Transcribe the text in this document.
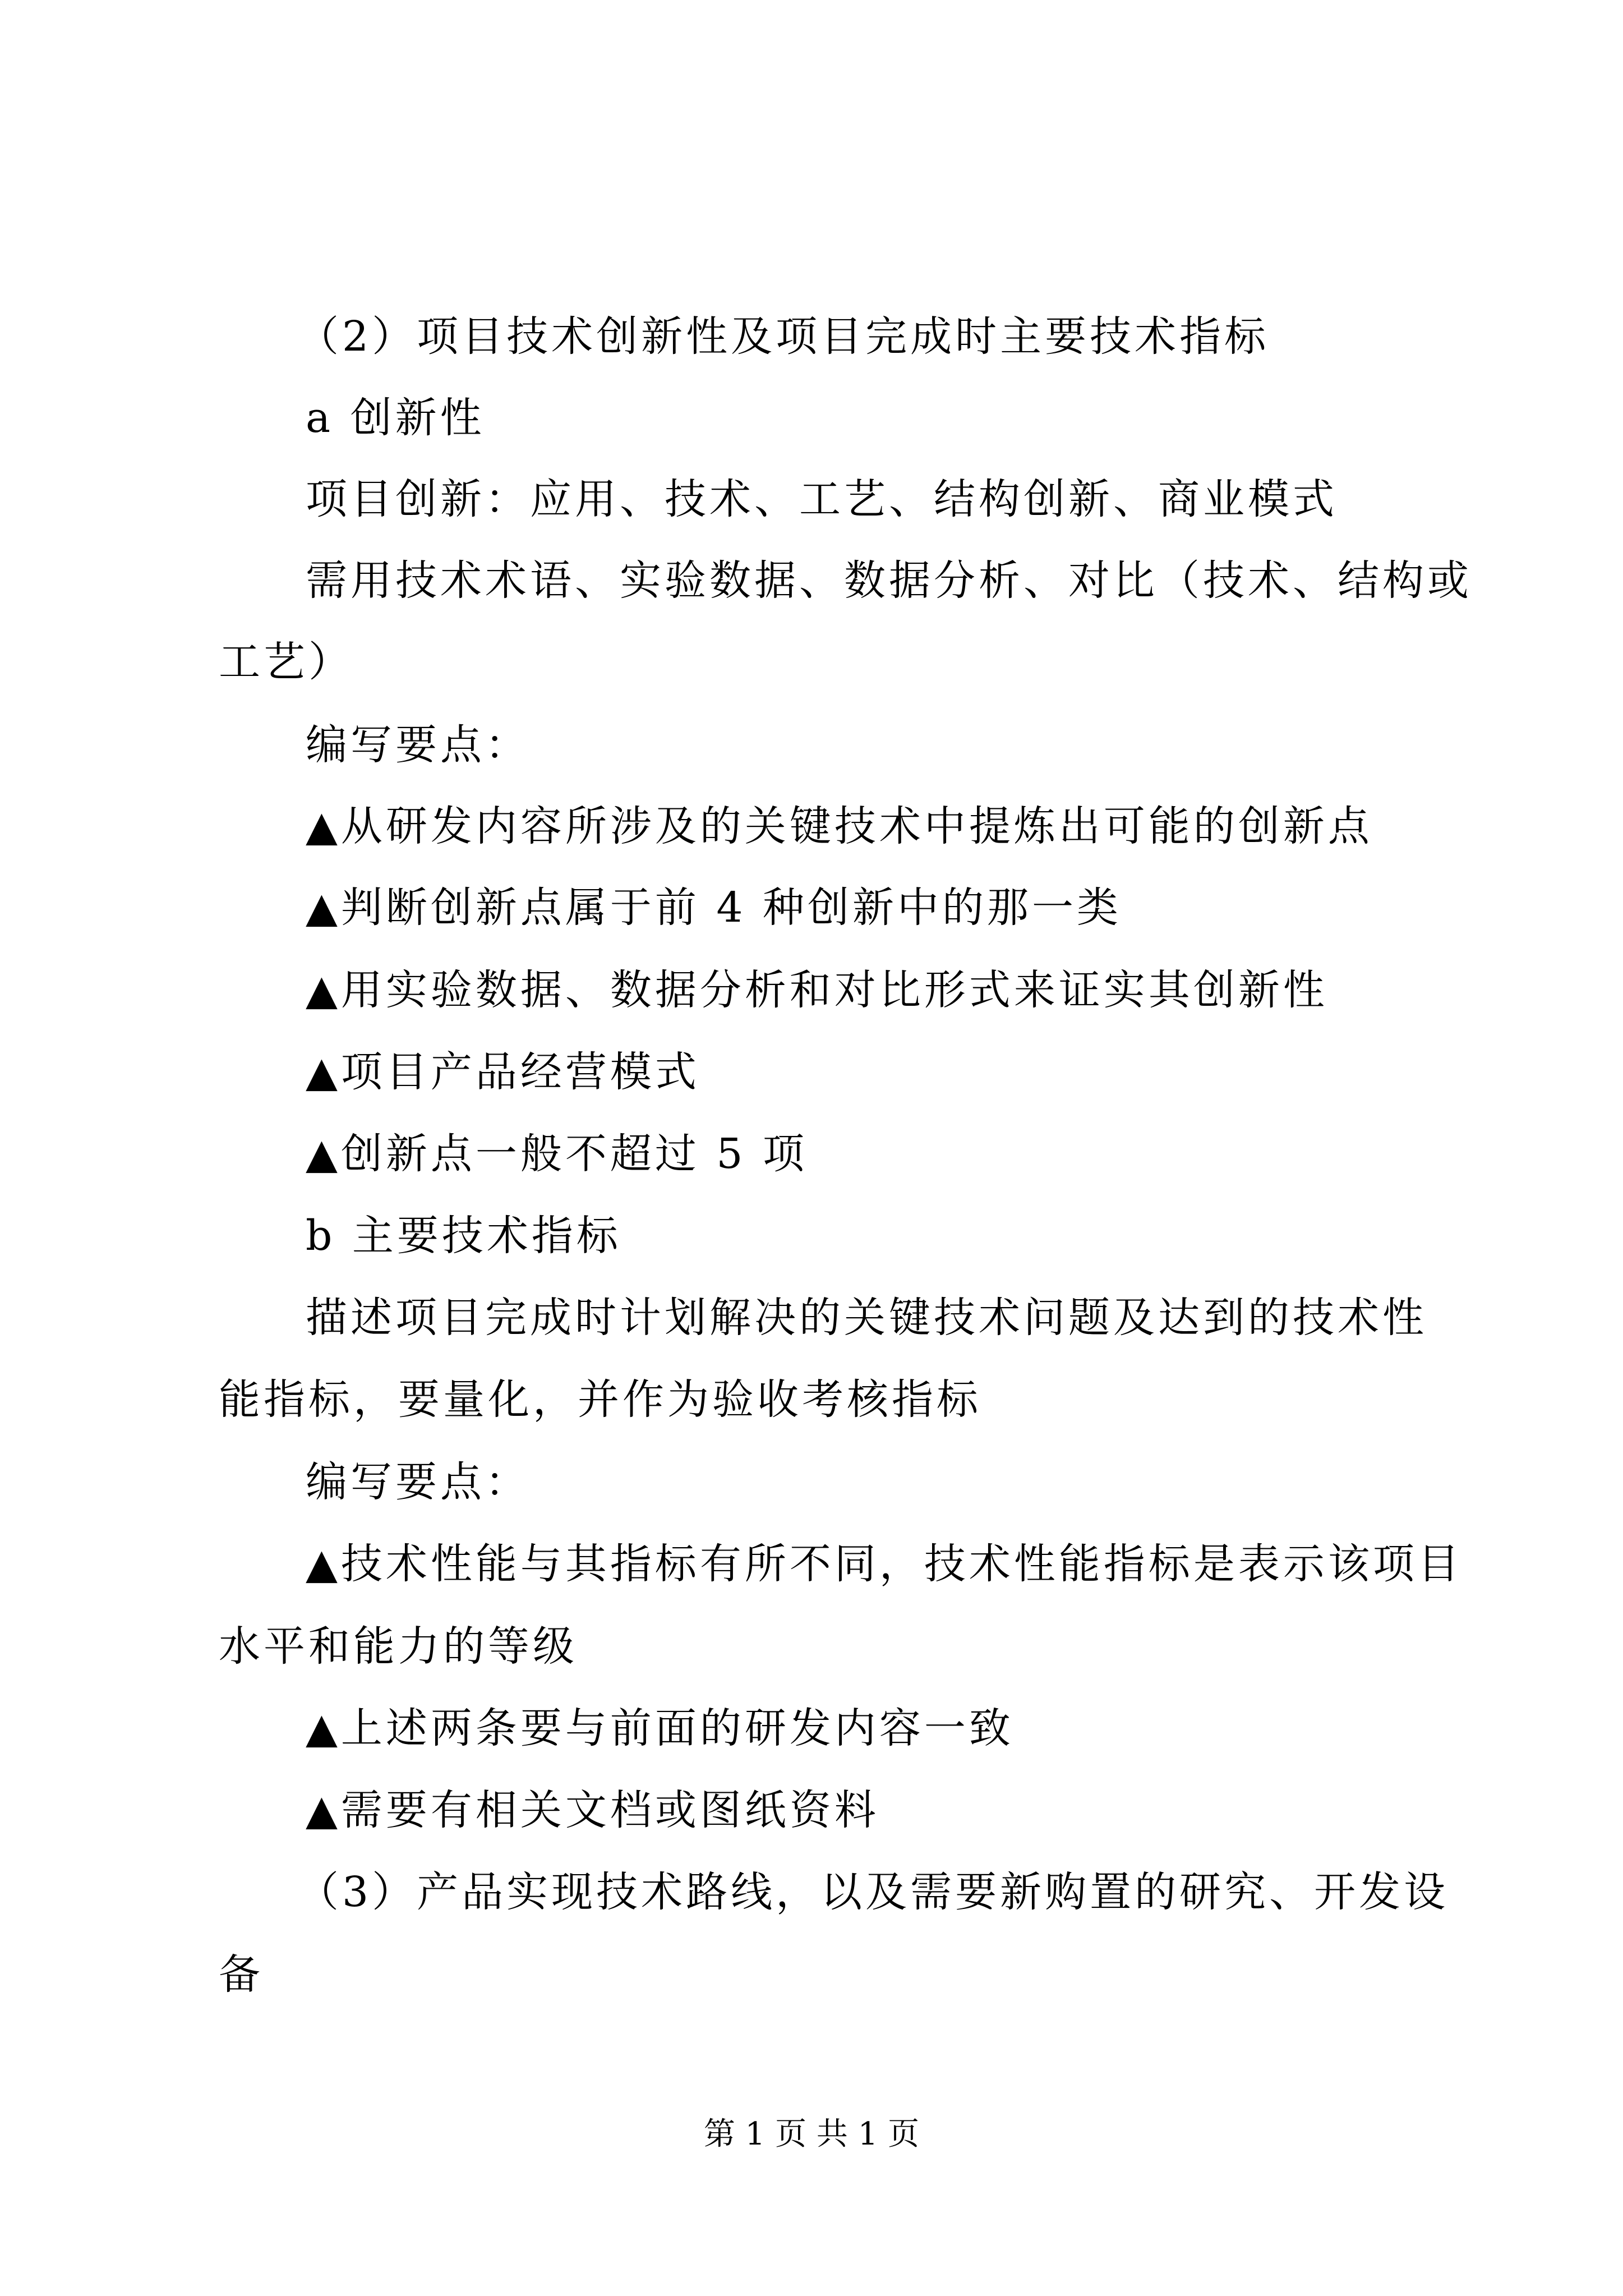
（2）项目技术创新性及项目完成时主要技术指标
a 创新性
项目创新：应用、技术、工艺、结构创新、商业模式
需用技术术语、实验数据、数据分析、对比（技术、结构或
工艺）
编写要点：
▲从研发内容所涉及的关键技术中提炼出可能的创新点
▲判断创新点属于前 4 种创新中的那一类
▲用实验数据、数据分析和对比形式来证实其创新性
▲项目产品经营模式
▲创新点一般不超过 5 项
b 主要技术指标
描述项目完成时计划解决的关键技术问题及达到的技术性
能指标，要量化，并作为验收考核指标
编写要点：
▲技术性能与其指标有所不同，技术性能指标是表示该项目
水平和能力的等级
▲上述两条要与前面的研发内容一致
▲需要有相关文档或图纸资料
（3）产品实现技术路线，以及需要新购置的研究、开发设
备
第 1 页 共 1 页
